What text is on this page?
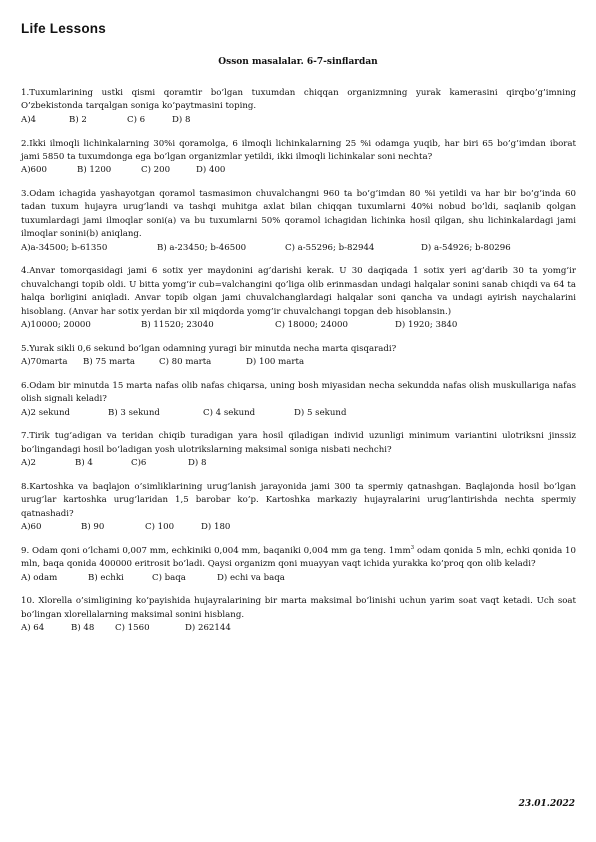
Life Lessons
Osson masalalar. 6-7-sinflardan
1.Tuxumlarining ustki qismi qoramtir bo’lgan tuxumdan chiqqan organizmning yurak kamerasini qirqbo’g’imning O’zbekistonda tarqalgan soniga ko’paytmasini toping.
A)4	B) 2	C) 6	D) 8
2.Ikki ilmoqli lichinkalarning 30%i qoramolga, 6 ilmoqli lichinkalarning 25 %i odamga yuqib, har biri 65 bo’g’imdan iborat jami 5850 ta tuxumdonga ega bo’lgan organizmlar yetildi, ikki ilmoqli lichinkalar soni nechta?
A)600	B) 1200	C) 200	D) 400
3.Odam ichagida yashayotgan qoramol tasmasimon chuvalchangni 960 ta bo’g’imdan 80 %i yetildi va har bir bo’g’inda 60 tadan tuxum hujayra urug’landi va tashqi muhitga axlat bilan chiqqan tuxumlarni 40%i nobud bo’ldi, saqlanib qolgan tuxumlardagi jami ilmoqlar soni(a) va bu tuxumlarni 50% qoramol ichagidan lichinka hosil qilgan, shu lichinkalardagi jami ilmoqlar sonini(b) aniqlang.
A)a-34500; b-61350	B) a-23450; b-46500	C) a-55296; b-82944	D) a-54926; b-80296
4.Anvar tomorqasidagi jami 6 sotix yer maydonini ag’darishi kerak. U 30 daqiqada 1 sotix yeri ag’darib 30 ta yomg’ir chuvalchangi topib oldi. U bitta yomg’ir cub=valchangini qo’liga olib erinmasdan undagi halqalar sonini sanab chiqdi va 64 ta halqa borligini aniqladi. Anvar topib olgan jami chuvalchanglardagi halqalar soni qancha va undagi ayirish naychalarini hisoblang. (Anvar har sotix yerdan bir xil miqdorda yomg’ir chuvalchangi topgan deb hisoblansin.)
A)10000; 20000	B) 11520; 23040	C) 18000; 24000	D) 1920; 3840
5.Yurak sikli 0,6 sekund bo’lgan odamning yuragi bir minutda necha marta qisqaradi?
A)70marta B) 75 marta	C) 80 marta	D) 100 marta
6.Odam bir minutda 15 marta nafas olib nafas chiqarsa, uning bosh miyasidan necha sekundda nafas olish muskullariga nafas olish signali keladi?
A)2 sekund	B) 3 sekund	C) 4 sekund	D) 5 sekund
7.Tirik tug’adigan va teridan chiqib turadigan yara hosil qiladigan individ uzunligi minimum variantini ulotriksni jinssiz bo’lingandagi hosil bo’ladigan yosh ulotrikslarning maksimal soniga nisbati nechchi?
A)2	B) 4	C)6	D) 8
8.Kartoshka va baqlajon o’simliklarining urug’lanish jarayonida jami 300 ta spermiy qatnashgan. Baqlajonda hosil bo’lgan urug’lar kartoshka urug’laridan 1,5 barobar ko’p. Kartoshka markaziy hujayralarini urug’lantirishda nechta spermiy qatnashadi?
A)60	B) 90	C) 100	D) 180
9. Odam qoni o’lchami 0,007 mm, echkiniki 0,004 mm, baqaniki 0,004 mm ga teng. $1mm^3$ odam qonida 5 mln, echki qonida 10 mln, baqa qonida 400000 eritrosit bo’ladi. Qaysi organizm qoni muayyan vaqt ichida yurakka ko’proq qon olib keladi?
A) odam	B) echki	C) baqa	D) echi va baqa
10. Xlorella o’simligining ko’payishida hujayralarining bir marta maksimal bo’linishi uchun yarim soat vaqt ketadi. Uch soat bo’lingan xlorellalarning maksimal sonini hisblang.
A) 64	B) 48 C) 1560	D) 262144
23.01.2022
